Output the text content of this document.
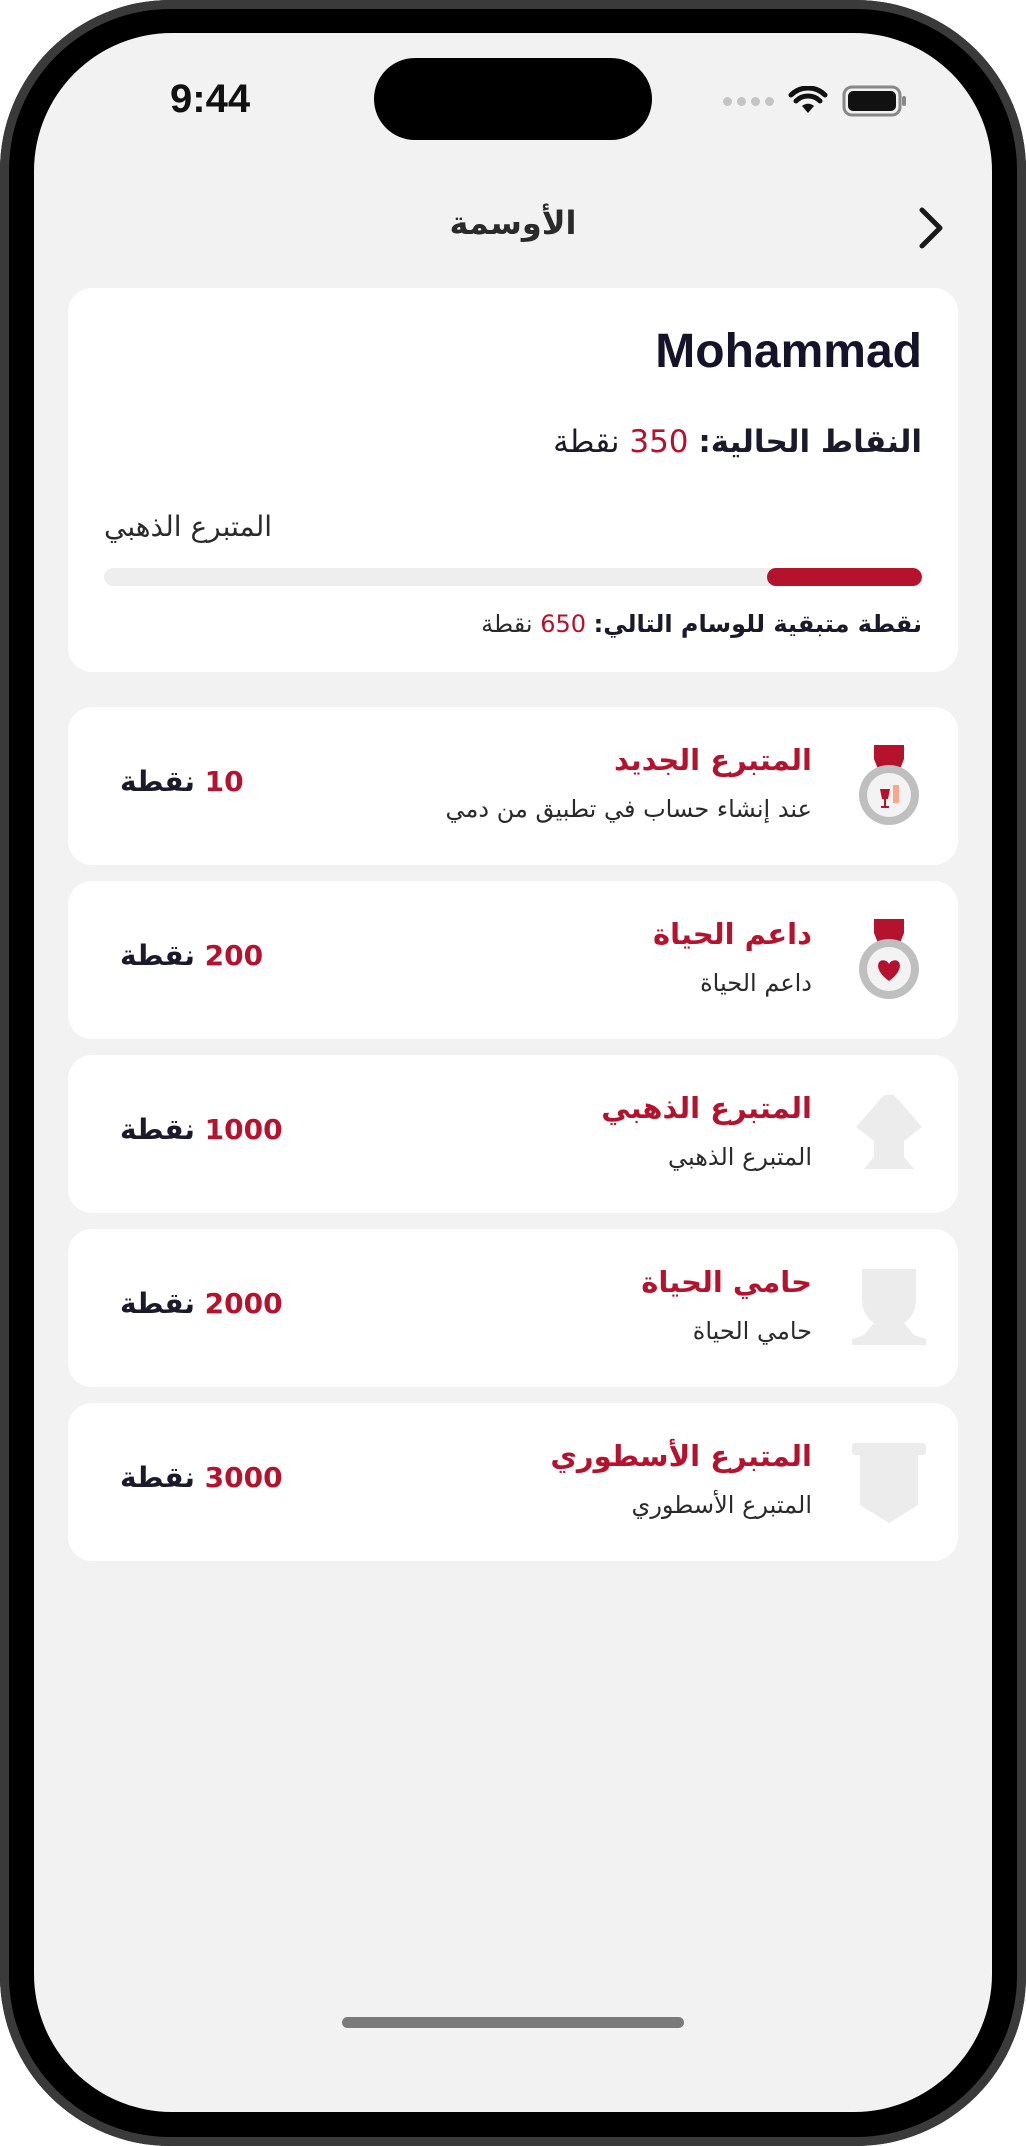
9:44
الأوسمة
Mohammad
النقاط الحالية: 350 نقطة
المتبرع الذهبي
نقطة متبقية للوسام التالي: 650 نقطة
المتبرع الجديد
عند إنشاء حساب في تطبيق من دمي
10 نقطة
داعم الحياة
داعم الحياة
200 نقطة
المتبرع الذهبي
المتبرع الذهبي
1000 نقطة
حامي الحياة
حامي الحياة
2000 نقطة
المتبرع الأسطوري
المتبرع الأسطوري
3000 نقطة
